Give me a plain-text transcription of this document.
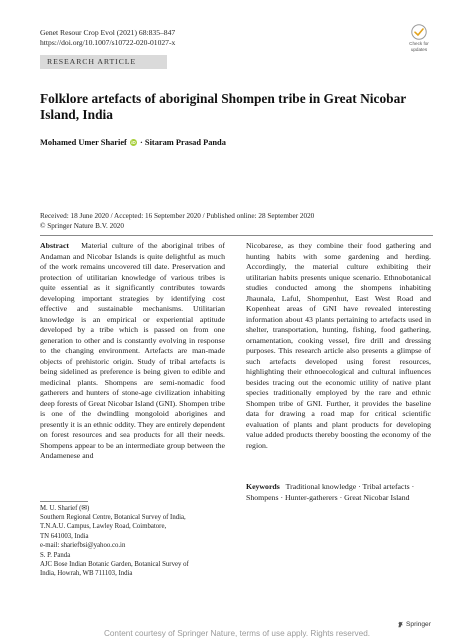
Genet Resour Crop Evol (2021) 68:835–847
https://doi.org/10.1007/s10722-020-01027-x	Check for
updates
RESEARCH ARTICLE
Folklore artefacts of aboriginal Shompen tribe in Great Nicobar Island, India
Mohamed Umer Sharief iD · Sitaram Prasad Panda
Received: 18 June 2020 / Accepted: 16 September 2020 / Published online: 28 September 2020
© Springer Nature B.V. 2020

Abstract Material culture of the aboriginal tribes of Andaman and Nicobar Islands is quite delightful as much of the work remains uncovered till date. Preservation and protection of utilitarian knowledge of various tribes is quite essential as it significantly contributes towards developing important strategies by identifying cost effective and sustainable mechanisms. Utilitarian knowledge is an empirical or experiential aptitude developed by a tribe which is passed on from one generation to other and is constantly evolving in response to the changing environment. Artefacts are man-made objects of prehistoric origin. Study of tribal artefacts is being sidelined as preference is being given to edible and medicinal plants. Shompens are semi-nomadic food gatherers and hunters of stone-age civilization inhabiting deep forests of Great Nicobar Island (GNI). Shompen tribe is one of the dwindling mongoloid aborigines and presently it is an ethnic oddity. They are entirely dependent on forest resources and sea products for all their needs. Shompens appear to be an intermediate group between the Andamenese and

Nicobarese, as they combine their food gathering and hunting habits with some gardening and herding. Accordingly, the material culture exhibiting their utilitarian habits presents unique scenario. Ethnobotanical studies conducted among the shompens inhabiting Jhaunala, Laful, Shompenhut, East West Road and Kopenheat areas of GNI have revealed interesting information about 43 plants pertaining to artefacts used in shelter, transportation, hunting, fishing, food gathering, ornamentation, cooking vessel, fire drill and dressing purposes. This research article also presents a glimpse of such artefacts developed using forest resources, highlighting their ethnoecological and cultural influences besides tracing out the economic utility of native plant species traditionally employed by the rare and ethnic Shompen tribe of GNI. Further, it provides the baseline data for drawing a road map for critical scientific evaluation of plants and plant products for developing value added products thereby boosting the economy of the region.

Keywords Traditional knowledge · Tribal artefacts · Shompens · Hunter-gatherers · Great Nicobar Island
M. U. Sharief (✉)
Southern Regional Centre, Botanical Survey of India,
T.N.A.U. Campus, Lawley Road, Coimbatore,
TN 641003, India
e-mail: shariefbsi@yahoo.co.in
S. P. Panda
AJC Bose Indian Botanic Garden, Botanical Survey of
India, Howrah, WB 711103, India
Springer
Content courtesy of Springer Nature, terms of use apply. Rights reserved.
